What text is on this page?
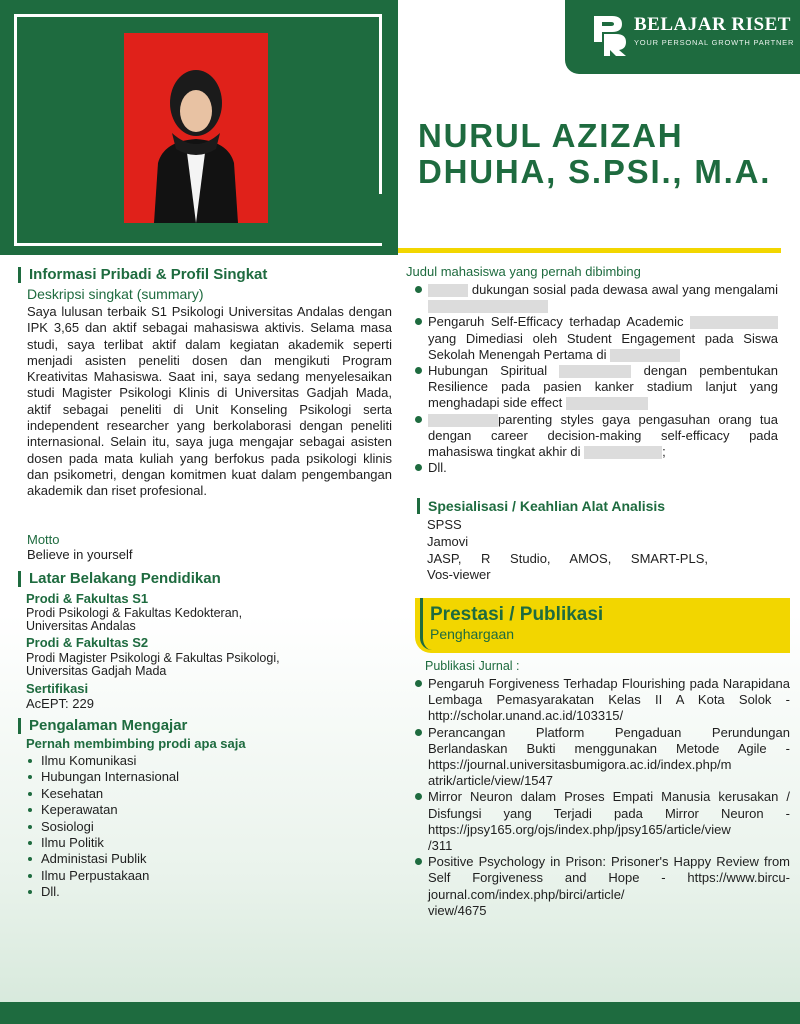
BELAJAR RISET
YOUR PERSONAL GROWTH PARTNER
NURUL AZIZAH
DHUHA, S.PSI., M.A.
Informasi Pribadi & Profil Singkat
Deskripsi singkat (summary)
Saya lulusan terbaik S1 Psikologi Universitas Andalas dengan IPK 3,65 dan aktif sebagai mahasiswa aktivis. Selama masa studi, saya terlibat aktif dalam kegiatan akademik seperti menjadi asisten peneliti dosen dan mengikuti Program Kreativitas Mahasiswa. Saat ini, saya sedang menyelesaikan studi Magister Psikologi Klinis di Universitas Gadjah Mada, aktif sebagai peneliti di Unit Konseling Psikologi serta independent researcher yang berkolaborasi dengan peneliti internasional. Selain itu, saya juga mengajar sebagai asisten dosen pada mata kuliah yang berfokus pada psikologi klinis dan psikometri, dengan komitmen kuat dalam pengembangan akademik dan riset profesional.
Motto
Believe in yourself
Latar Belakang Pendidikan
Prodi & Fakultas S1
Prodi Psikologi & Fakultas Kedokteran,
Universitas Andalas
Prodi & Fakultas S2
Prodi Magister Psikologi & Fakultas Psikologi,
Universitas Gadjah Mada
Sertifikasi
AcEPT: 229
Pengalaman Mengajar
Pernah membimbing prodi apa saja
Ilmu Komunikasi
Hubungan Internasional
Kesehatan
Keperawatan
Sosiologi
Ilmu Politik
Administasi Publik
Ilmu Perpustakaan
Dll.
Judul mahasiswa yang pernah dibimbing
dukungan sosial pada dewasa awal yang mengalami
Pengaruh Self-Efficacy terhadap Academic  yang Dimediasi oleh Student Engagement pada Siswa Sekolah Menengah Pertama di
Hubungan Spiritual	dengan pembentukan Resilience pada pasien kanker stadium lanjut yang menghadapi side effect
parenting styles gaya pengasuhan orang tua dengan career decision-making self-efficacy pada mahasiswa tingkat akhir di	;
Dll.
Spesialisasi / Keahlian Alat Analisis
SPSS
Jamovi
JASP, R Studio, AMOS, SMART-PLS,
Vos-viewer
Prestasi / Publikasi
Penghargaan
Publikasi Jurnal :
Pengaruh Forgiveness Terhadap Flourishing pada Narapidana Lembaga Pemasyarakatan Kelas II A Kota Solok - http://scholar.unand.ac.id/103315/
Perancangan Platform Pengaduan Perundungan Berlandaskan Bukti menggunakan Metode Agile - https://journal.universitasbumigora.ac.id/index.php/m
atrik/article/view/1547
Mirror Neuron dalam Proses Empati Manusia kerusakan / Disfungsi yang Terjadi pada Mirror Neuron - https://jpsy165.org/ojs/index.php/jpsy165/article/view
/311
Positive Psychology in Prison: Prisoner's Happy Review from Self Forgiveness and Hope - https://www.bircu-journal.com/index.php/birci/article/
view/4675
